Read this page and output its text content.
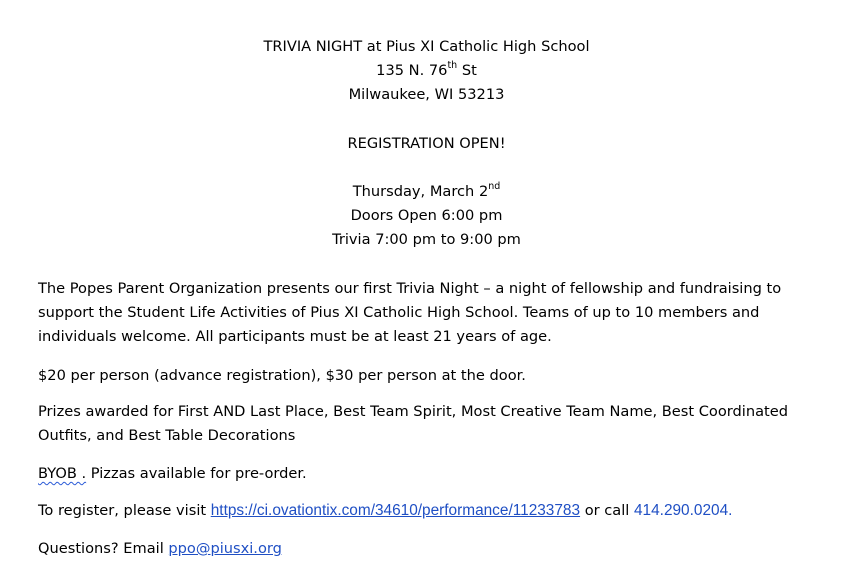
TRIVIA NIGHT at Pius XI Catholic High School
135 N. 76th St
Milwaukee, WI 53213
REGISTRATION OPEN!
Thursday, March 2nd
Doors Open 6:00 pm
Trivia 7:00 pm to 9:00 pm
The Popes Parent Organization presents our first Trivia Night – a night of fellowship and fundraising to
support the Student Life Activities of Pius XI Catholic High School. Teams of up to 10 members and
individuals welcome. All participants must be at least 21 years of age.
$20 per person (advance registration), $30 per person at the door.
Prizes awarded for First AND Last Place, Best Team Spirit, Most Creative Team Name, Best Coordinated
Outfits, and Best Table Decorations
BYOB . Pizzas available for pre-order.
To register, please visit https://ci.ovationtix.com/34610/performance/11233783 or call 414.290.0204.
Questions? Email ppo@piusxi.org
